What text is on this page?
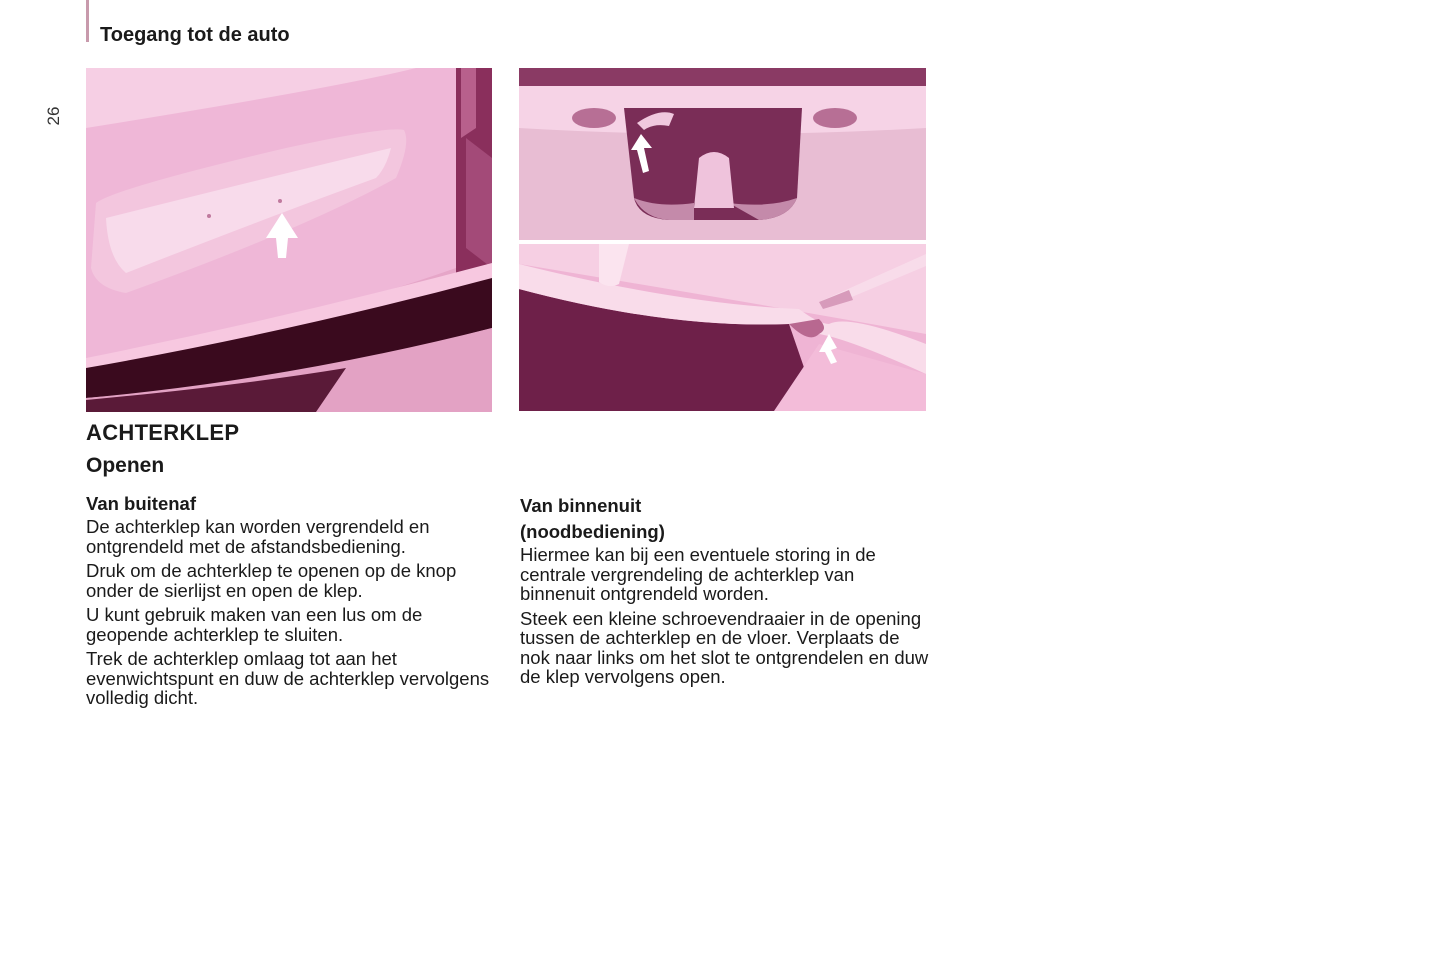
Toegang tot de auto
26
ACHTERKLEP
Openen
Van buitenaf

De achterklep kan worden vergrendeld en ontgrendeld met de afstandsbediening.

Druk om de achterklep te openen op de knop onder de sierlijst en open de klep.

U kunt gebruik maken van een lus om de geopende achterklep te sluiten.

Trek de achterklep omlaag tot aan het evenwichtspunt en duw de achterklep vervolgens volledig dicht.

Van binnenuit
(noodbediening)

Hiermee kan bij een eventuele storing in de centrale vergrendeling de achterklep van binnenuit ontgrendeld worden.

Steek een kleine schroevendraaier in de opening tussen de achterklep en de vloer. Verplaats de nok naar links om het slot te ontgrendelen en duw de klep vervolgens open.
